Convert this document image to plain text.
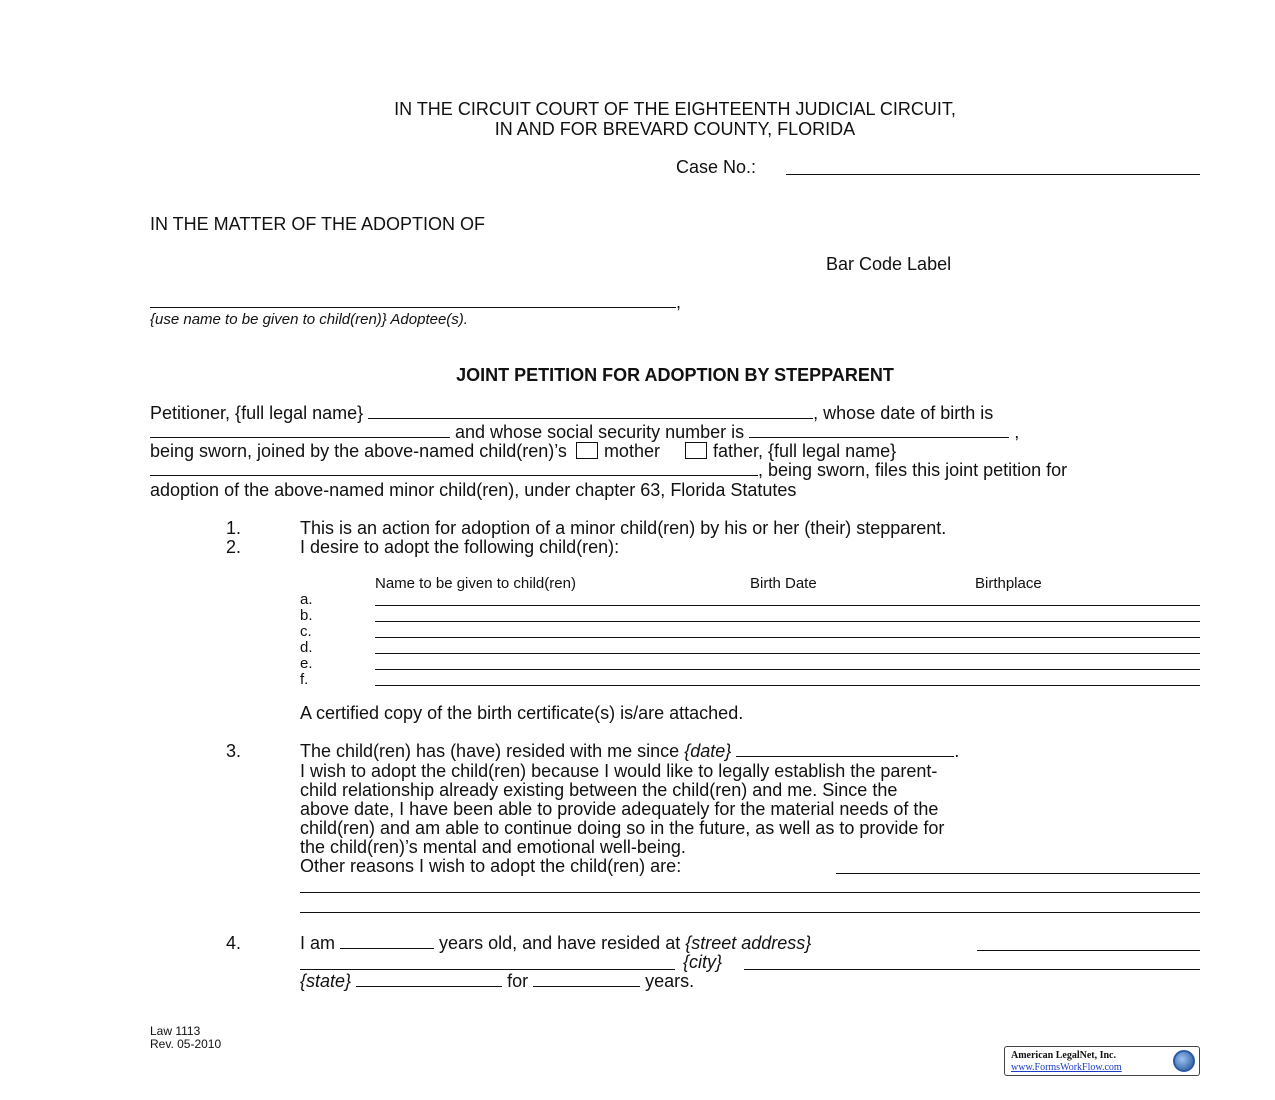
IN THE CIRCUIT COURT OF THE EIGHTEENTH JUDICIAL CIRCUIT,
IN AND FOR BREVARD COUNTY, FLORIDA
Case No.:
IN THE MATTER OF THE ADOPTION OF
Bar Code Label
,
{use name to be given to child(ren)} Adoptee(s).
JOINT PETITION FOR ADOPTION BY STEPPARENT
Petitioner, {full legal name}	, whose date of birth is
and whose social security number is	,
being sworn, joined by the above-named child(ren)’s mother	father, {full legal name}
, being sworn, files this joint petition for
adoption of the above-named minor child(ren), under chapter 63, Florida Statutes
1.	This is an action for adoption of a minor child(ren) by his or her (their) stepparent.
2.	I desire to adopt the following child(ren):
Name to be given to child(ren)	Birth Date	Birthplace
a.
b.
c.
d.
e.
f.
A certified copy of the birth certificate(s) is/are attached.
3.	The child(ren) has (have) resided with me since {date}	.
I wish to adopt the child(ren) because I would like to legally establish the parent-
child relationship already existing between the child(ren) and me. Since the
above date, I have been able to provide adequately for the material needs of the
child(ren) and am able to continue doing so in the future, as well as to provide for
the child(ren)’s mental and emotional well-being.
Other reasons I wish to adopt the child(ren) are:
4.	I am	years old, and have resided at {street address}
{city}
{state}	for	years.
Law 1113
Rev. 05-2010
American LegalNet, Inc.
www.FormsWorkFlow.com
